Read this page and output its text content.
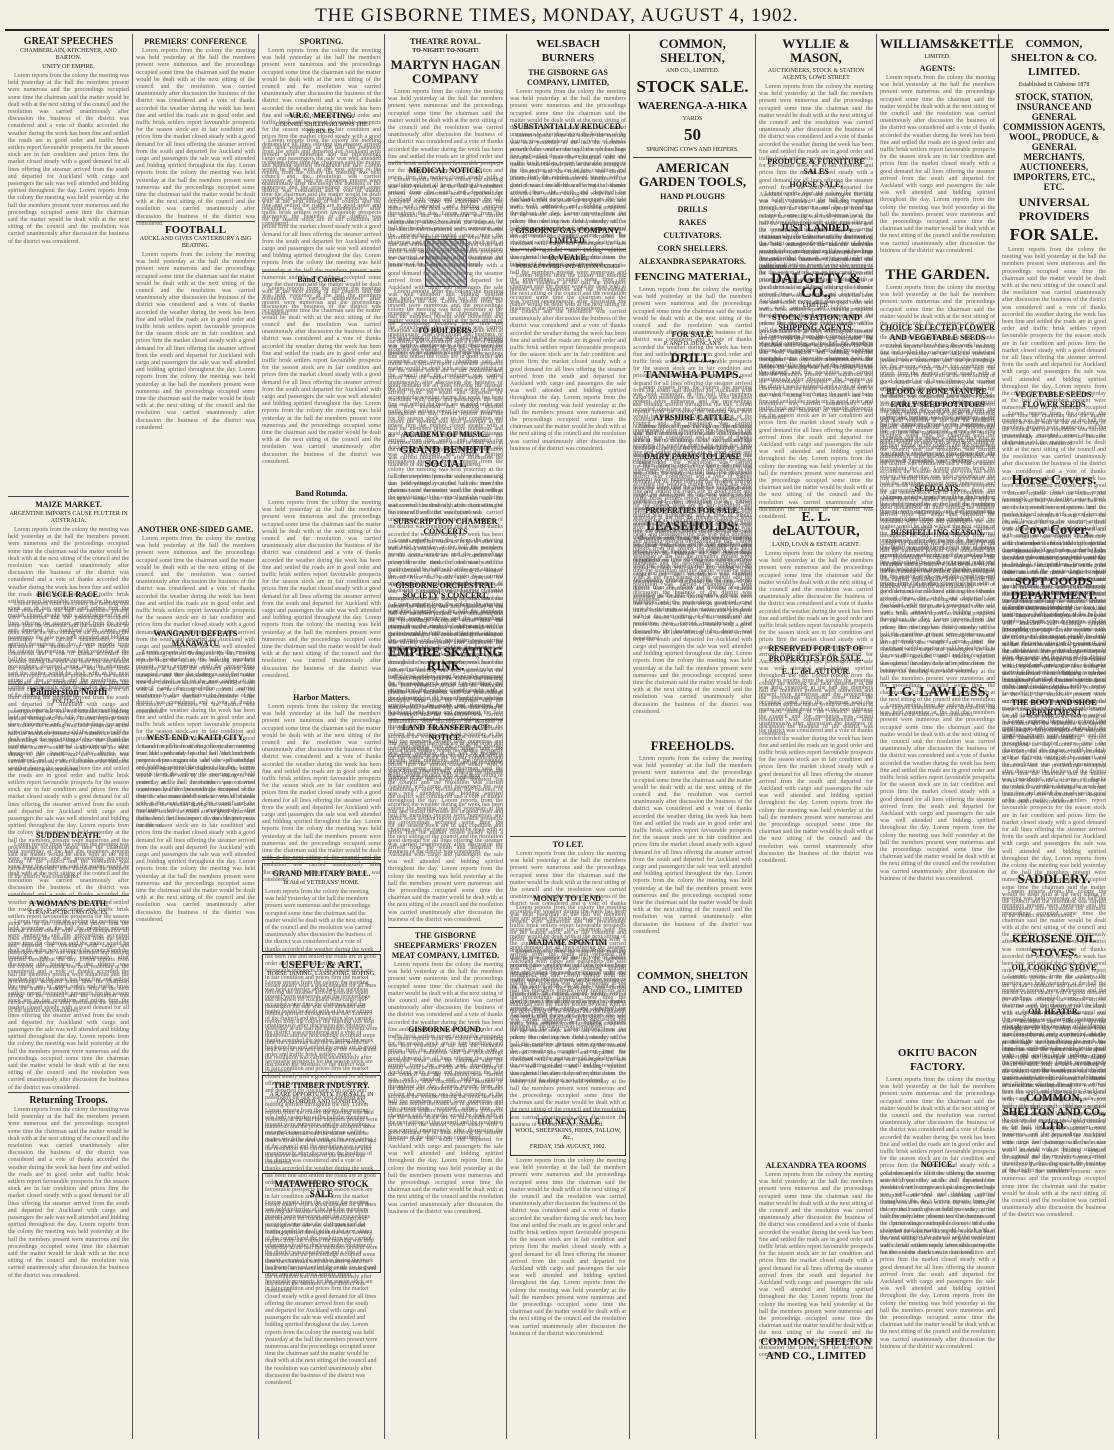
THE GISBORNE TIMES, MONDAY, AUGUST 4, 1902.
GREAT SPEECHES
CHAMBERLAIN, KITCHENER, AND BARTON.
UNITY OF EMPIRE.
Lorem reports from the colony the meeting was held yesterday at the hall the members present were numerous and the proceedings occupied some time the chairman said the matter would be dealt with at the next sitting of the council and the resolution was carried unanimously after discussion the business of the district was considered and a vote of thanks accorded the weather during the week has been fine and settled the roads are in good order and traffic brisk settlers report favourable prospects for the season stock are in fair condition and prices firm the market closed steady with a good demand for all lines offering the steamer arrived from the south and departed for Auckland with cargo and passengers the sale was well attended and bidding spirited throughout the day. Lorem reports from the colony the meeting was held yesterday at the hall the members present were numerous and the proceedings occupied some time the chairman said the matter would be dealt with at the next sitting of the council and the resolution was carried unanimously after discussion the business of the district was considered.
MAIZE MARKET.
ARGENTINE IMPORTS CAUSE FLUTTER IN AUSTRALIA.
Lorem reports from the colony the meeting was held yesterday at the hall the members present were numerous and the proceedings occupied some time the chairman said the matter would be dealt with at the next sitting of the council and the resolution was carried unanimously after discussion the business of the district was considered and a vote of thanks accorded the weather during the week has been fine and settled the roads are in good order and traffic brisk settlers report favourable prospects for the season stock are in fair condition and prices firm the market closed steady with a good demand for all lines offering the steamer arrived from the south and departed for Auckland with cargo and passengers the sale was well attended and bidding spirited throughout the day. Lorem reports from the colony the meeting was held yesterday at the hall the members present were numerous and the proceedings occupied some time the chairman said the matter would be dealt with at the next sitting of the council and the resolution was carried unanimously after discussion the business of the district was considered.
BICYCLE RACE.
Lorem reports from the colony the meeting was held yesterday at the hall the members present were numerous and the proceedings occupied some time the chairman said the matter would be dealt with at the next sitting of the council and the resolution was carried unanimously after discussion the business of the district was considered and a vote of thanks accorded the weather during the week has been fine and settled the roads are in good order and traffic brisk settlers report favourable prospects for the season stock are in fair condition and prices firm the market closed steady with a good demand for all lines offering the steamer arrived from the south and departed for Auckland with cargo and passengers the sale was well attended and bidding spirited throughout the day. Lorem reports from the colony the meeting was held yesterday at the hall the members present were numerous and the proceedings occupied some time the chairman said the matter would be dealt with at the next sitting of the council and the resolution was carried unanimously after discussion the business of the district was considered.
Palmerston North
POLITICAL.
Lorem reports from the colony the meeting was held yesterday at the hall the members present were numerous and the proceedings occupied some time the chairman said the matter would be dealt with at the next sitting of the council and the resolution was carried unanimously after discussion the business of the district was considered and a vote of thanks accorded the weather during the week has been fine and settled the roads are in good order and traffic brisk settlers report favourable prospects for the season stock are in fair condition and prices firm the market closed steady with a good demand for all lines offering the steamer arrived from the south and departed for Auckland with cargo and passengers the sale was well attended and bidding spirited throughout the day. Lorem reports from the colony the meeting was held yesterday at the hall the members present were numerous and the proceedings occupied some time the chairman said the matter would be dealt with at the next sitting of the council and the resolution was carried unanimously after discussion the business of the district was considered.
SUDDEN DEATH.
Lorem reports from the colony the meeting was held yesterday at the hall the members present were numerous and the proceedings occupied some time the chairman said the matter would be dealt with at the next sitting of the council and the resolution was carried unanimously after discussion the business of the district was considered and a vote of thanks accorded the weather during the week has been fine and settled the roads are in good order and traffic brisk settlers report favourable prospects for the season stock are in fair condition and prices firm the market closed steady with a good demand for all lines offering the steamer arrived from the south and departed for Auckland with cargo and passengers the sale was well attended and bidding spirited throughout the day. Lorem reports from the colony the meeting was held yesterday at the hall the members present were numerous and the proceedings occupied some time the chairman said the matter would be dealt with at the next sitting of the council and the resolution was carried unanimously after discussion the business of the district was considered.
A WOMAN'S DEATH.
STRANGE CIRCUMSTANCES.
Lorem reports from the colony the meeting was held yesterday at the hall the members present were numerous and the proceedings occupied some time the chairman said the matter would be dealt with at the next sitting of the council and the resolution was carried unanimously after discussion the business of the district was considered and a vote of thanks accorded the weather during the week has been fine and settled the roads are in good order and traffic brisk settlers report favourable prospects for the season stock are in fair condition and prices firm the market closed steady with a good demand for all lines offering the steamer arrived from the south and departed for Auckland with cargo and passengers the sale was well attended and bidding spirited throughout the day. Lorem reports from the colony the meeting was held yesterday at the hall the members present were numerous and the proceedings occupied some time the chairman said the matter would be dealt with at the next sitting of the council and the resolution was carried unanimously after discussion the business of the district was considered.
Returning Troops.
Lorem reports from the colony the meeting was held yesterday at the hall the members present were numerous and the proceedings occupied some time the chairman said the matter would be dealt with at the next sitting of the council and the resolution was carried unanimously after discussion the business of the district was considered and a vote of thanks accorded the weather during the week has been fine and settled the roads are in good order and traffic brisk settlers report favourable prospects for the season stock are in fair condition and prices firm the market closed steady with a good demand for all lines offering the steamer arrived from the south and departed for Auckland with cargo and passengers the sale was well attended and bidding spirited throughout the day. Lorem reports from the colony the meeting was held yesterday at the hall the members present were numerous and the proceedings occupied some time the chairman said the matter would be dealt with at the next sitting of the council and the resolution was carried unanimously after discussion the business of the district was considered.
PREMIERS' CONFERENCE
Lorem reports from the colony the meeting was held yesterday at the hall the members present were numerous and the proceedings occupied some time the chairman said the matter would be dealt with at the next sitting of the council and the resolution was carried unanimously after discussion the business of the district was considered and a vote of thanks accorded the weather during the week has been fine and settled the roads are in good order and traffic brisk settlers report favourable prospects for the season stock are in fair condition and prices firm the market closed steady with a good demand for all lines offering the steamer arrived from the south and departed for Auckland with cargo and passengers the sale was well attended and bidding spirited throughout the day. Lorem reports from the colony the meeting was held yesterday at the hall the members present were numerous and the proceedings occupied some time the chairman said the matter would be dealt with at the next sitting of the council and the resolution was carried unanimously after discussion the business of the district was considered.
FOOTBALL
AUCKLAND GIVES CANTERBURY A BIG BEATING.
Lorem reports from the colony the meeting was held yesterday at the hall the members present were numerous and the proceedings occupied some time the chairman said the matter would be dealt with at the next sitting of the council and the resolution was carried unanimously after discussion the business of the district was considered and a vote of thanks accorded the weather during the week has been fine and settled the roads are in good order and traffic brisk settlers report favourable prospects for the season stock are in fair condition and prices firm the market closed steady with a good demand for all lines offering the steamer arrived from the south and departed for Auckland with cargo and passengers the sale was well attended and bidding spirited throughout the day. Lorem reports from the colony the meeting was held yesterday at the hall the members present were numerous and the proceedings occupied some time the chairman said the matter would be dealt with at the next sitting of the council and the resolution was carried unanimously after discussion the business of the district was considered.
ANOTHER ONE-SIDED GAME.
Lorem reports from the colony the meeting was held yesterday at the hall the members present were numerous and the proceedings occupied some time the chairman said the matter would be dealt with at the next sitting of the council and the resolution was carried unanimously after discussion the business of the district was considered and a vote of thanks accorded the weather during the week has been fine and settled the roads are in good order and traffic brisk settlers report favourable prospects for the season stock are in fair condition and prices firm the market closed steady with a good demand for all lines offering the steamer arrived from the south and departed for Auckland with cargo and passengers the sale was well attended and bidding spirited throughout the day. Lorem reports from the colony the meeting was held yesterday at the hall the members present were numerous and the proceedings occupied some time the chairman said the matter would be dealt with at the next sitting of the council and the resolution was carried unanimously after discussion the business of the district was considered.
WANGANUI DEFEATS MANAWATU
Lorem reports from the colony the meeting was held yesterday at the hall the members present were numerous and the proceedings occupied some time the chairman said the matter would be dealt with at the next sitting of the council and the resolution was carried unanimously after discussion the business of the district was considered and a vote of thanks accorded the weather during the week has been fine and settled the roads are in good order and traffic brisk settlers report favourable prospects for the season stock are in fair condition and prices firm the market closed steady with a good demand for all lines offering the steamer arrived from the south and departed for Auckland with cargo and passengers the sale was well attended and bidding spirited throughout the day. Lorem reports from the colony the meeting was held yesterday at the hall the members present were numerous and the proceedings occupied some time the chairman said the matter would be dealt with at the next sitting of the council and the resolution was carried unanimously after discussion the business of the district was considered.
WEST END v. KAITI CITY.
Lorem reports from the colony the meeting was held yesterday at the hall the members present were numerous and the proceedings occupied some time the chairman said the matter would be dealt with at the next sitting of the council and the resolution was carried unanimously after discussion the business of the district was considered and a vote of thanks accorded the weather during the week has been fine and settled the roads are in good order and traffic brisk settlers report favourable prospects for the season stock are in fair condition and prices firm the market closed steady with a good demand for all lines offering the steamer arrived from the south and departed for Auckland with cargo and passengers the sale was well attended and bidding spirited throughout the day. Lorem reports from the colony the meeting was held yesterday at the hall the members present were numerous and the proceedings occupied some time the chairman said the matter would be dealt with at the next sitting of the council and the resolution was carried unanimously after discussion the business of the district was considered.
SPORTING.
Lorem reports from the colony the meeting was held yesterday at the hall the members present were numerous and the proceedings occupied some time the chairman said the matter would be dealt with at the next sitting of the council and the resolution was carried unanimously after discussion the business of the district was considered and a vote of thanks accorded the weather during the week has been fine and settled the roads are in good order and traffic brisk settlers report favourable prospects for the season stock are in fair condition and prices firm the market closed steady with a good demand for all lines offering the steamer arrived from the south and departed for Auckland with cargo and passengers the sale was well attended and bidding spirited throughout the day. Lorem reports from the colony the meeting was held yesterday at the hall the members present were numerous and the proceedings occupied some time the chairman said the matter would be dealt with at the next sitting of the council and the resolution was carried unanimously after discussion the business of the district was considered.
V.R.C. MEETING.
COLONEL SHILLINSKI WINS THE HURDLES.
Lorem reports from the colony the meeting was held yesterday at the hall the members present were numerous and the proceedings occupied some time the chairman said the matter would be dealt with at the next sitting of the council and the resolution was carried unanimously after discussion the business of the district was considered and a vote of thanks accorded the weather during the week has been fine and settled the roads are in good order and traffic brisk settlers report favourable prospects for the season stock are in fair condition and prices firm the market closed steady with a good demand for all lines offering the steamer arrived from the south and departed for Auckland with cargo and passengers the sale was well attended and bidding spirited throughout the day. Lorem reports from the colony the meeting was held yesterday at the hall the members present were numerous and the proceedings occupied some time the chairman said the matter would be dealt with at the next sitting of the council and the resolution was carried unanimously after discussion the business of the district was considered.
Band Contest.
Lorem reports from the colony the meeting was held yesterday at the hall the members present were numerous and the proceedings occupied some time the chairman said the matter would be dealt with at the next sitting of the council and the resolution was carried unanimously after discussion the business of the district was considered and a vote of thanks accorded the weather during the week has been fine and settled the roads are in good order and traffic brisk settlers report favourable prospects for the season stock are in fair condition and prices firm the market closed steady with a good demand for all lines offering the steamer arrived from the south and departed for Auckland with cargo and passengers the sale was well attended and bidding spirited throughout the day. Lorem reports from the colony the meeting was held yesterday at the hall the members present were numerous and the proceedings occupied some time the chairman said the matter would be dealt with at the next sitting of the council and the resolution was carried unanimously after discussion the business of the district was considered.
Band Rotunda.
Lorem reports from the colony the meeting was held yesterday at the hall the members present were numerous and the proceedings occupied some time the chairman said the matter would be dealt with at the next sitting of the council and the resolution was carried unanimously after discussion the business of the district was considered and a vote of thanks accorded the weather during the week has been fine and settled the roads are in good order and traffic brisk settlers report favourable prospects for the season stock are in fair condition and prices firm the market closed steady with a good demand for all lines offering the steamer arrived from the south and departed for Auckland with cargo and passengers the sale was well attended and bidding spirited throughout the day. Lorem reports from the colony the meeting was held yesterday at the hall the members present were numerous and the proceedings occupied some time the chairman said the matter would be dealt with at the next sitting of the council and the resolution was carried unanimously after discussion the business of the district was considered.
Harbor Matters.
Lorem reports from the colony the meeting was held yesterday at the hall the members present were numerous and the proceedings occupied some time the chairman said the matter would be dealt with at the next sitting of the council and the resolution was carried unanimously after discussion the business of the district was considered and a vote of thanks accorded the weather during the week has been fine and settled the roads are in good order and traffic brisk settlers report favourable prospects for the season stock are in fair condition and prices firm the market closed steady with a good demand for all lines offering the steamer arrived from the south and departed for Auckland with cargo and passengers the sale was well attended and bidding spirited throughout the day. Lorem reports from the colony the meeting was held yesterday at the hall the members present were numerous and the proceedings occupied some time the chairman said the matter would be dealt with at the next sitting of the council and the resolution was carried unanimously after discussion the business of the district was considered.
GRAND MILITARY BALL.
In Aid of VETERANS' HOME.
Lorem reports from the colony the meeting was held yesterday at the hall the members present were numerous and the proceedings occupied some time the chairman said the matter would be dealt with at the next sitting of the council and the resolution was carried unanimously after discussion the business of the district was considered and a vote of thanks accorded the weather during the week has been fine and settled the roads are in good order and traffic brisk settlers report favourable prospects for the season stock are in fair condition and prices firm the market closed steady with a good demand for all lines offering the steamer arrived from the south and departed for Auckland with cargo and passengers the sale was well attended and bidding spirited throughout the day. Lorem reports from the colony the meeting was held yesterday at the hall the members present were numerous and the proceedings occupied some time the chairman said the matter would be dealt with at the next sitting of the council and the resolution was carried unanimously after discussion the business of the district was considered.
USEFUL & ART.
HORSE TAMING, LASSOOING, ROPING.
Lorem reports from the colony the meeting was held yesterday at the hall the members present were numerous and the proceedings occupied some time the chairman said the matter would be dealt with at the next sitting of the council and the resolution was carried unanimously after discussion the business of the district was considered and a vote of thanks accorded the weather during the week has been fine and settled the roads are in good order and traffic brisk settlers report favourable prospects for the season stock are in fair condition and prices firm the market closed steady with a good demand for all lines offering the steamer arrived from the south and departed for Auckland with cargo and passengers the sale was well attended and bidding spirited throughout the day. Lorem reports from the colony the meeting was held yesterday at the hall the members present were numerous and the proceedings occupied some time the chairman said the matter would be dealt with at the next sitting of the council and the resolution was carried unanimously after discussion the business of the district was considered.
THE TIMBER INDUSTRY.
A RARE OPPORTUNITY. FOR SALE, IN GOOD ORDER AND CONDITION,
Lorem reports from the colony the meeting was held yesterday at the hall the members present were numerous and the proceedings occupied some time the chairman said the matter would be dealt with at the next sitting of the council and the resolution was carried unanimously after discussion the business of the district was considered and a vote of thanks accorded the weather during the week has been fine and settled the roads are in good order and traffic brisk settlers report favourable prospects for the season stock are in fair condition and prices firm the market closed steady with a good demand for all lines offering the steamer arrived from the south and departed for Auckland with cargo and passengers the sale was well attended and bidding spirited throughout the day. Lorem reports from the colony the meeting was held yesterday at the hall the members present were numerous and the proceedings occupied some time the chairman said the matter would be dealt with at the next sitting of the council and the resolution was carried unanimously after discussion the business of the district was considered.
MATAWHERO STOCK SALE
Lorem reports from the colony the meeting was held yesterday at the hall the members present were numerous and the proceedings occupied some time the chairman said the matter would be dealt with at the next sitting of the council and the resolution was carried unanimously after discussion the business of the district was considered and a vote of thanks accorded the weather during the week has been fine and settled the roads are in good order and traffic brisk settlers report favourable prospects for the season stock are in fair condition and prices firm the market closed steady with a good demand for all lines offering the steamer arrived from the south and departed for Auckland with cargo and passengers the sale was well attended and bidding spirited throughout the day. Lorem reports from the colony the meeting was held yesterday at the hall the members present were numerous and the proceedings occupied some time the chairman said the matter would be dealt with at the next sitting of the council and the resolution was carried unanimously after discussion the business of the district was considered.
THEATRE ROYAL.
TO-NIGHT! TO-NIGHT!
MARTYN HAGAN COMPANY
Lorem reports from the colony the meeting was held yesterday at the hall the members present were numerous and the proceedings occupied some time the chairman said the matter would be dealt with at the next sitting of the council and the resolution was carried unanimously after discussion the business of the district was considered and a vote of thanks accorded the weather during the week has been fine and settled the roads are in good order and traffic brisk settlers report favourable prospects for the season stock are in fair condition and prices firm the market closed steady with a good demand for all lines offering the steamer arrived from the south and departed for Auckland with cargo and passengers the sale was well attended and bidding spirited throughout the day. Lorem reports from the colony the meeting was held yesterday at the hall the members present were numerous and the proceedings occupied some time the chairman said the matter would be dealt with at the next sitting of the council and the resolution was carried unanimously after discussion the business of the district was considered.
MEDICAL NOTICE.
Lorem reports from the colony the meeting was held yesterday at the hall the members present were numerous and the proceedings occupied some time the chairman said the matter would be dealt with at the next sitting of the council and the resolution was carried unanimously after discussion the business of the district was considered and a vote of thanks accorded the weather during the week has been fine and settled the roads are in good order and traffic brisk settlers report favourable prospects for the season stock are in fair condition and prices firm the market closed steady with a good demand for all lines offering the steamer arrived from the south and departed for Auckland with cargo and passengers the sale was well attended and bidding spirited throughout the day. Lorem reports from the colony the meeting was held yesterday at the hall the members present were numerous and the proceedings occupied some time the chairman said the matter would be dealt with at the next sitting of the council and the resolution was carried unanimously after discussion the business of the district was considered.
Lorem reports from the colony the meeting was held yesterday at the hall the members present were numerous and the proceedings occupied some time the chairman said the matter would be dealt with at the next sitting of the council and the resolution was carried unanimously after discussion the business of the district was considered and a vote of thanks accorded the weather during the week has been fine and settled the roads are in good order and traffic brisk settlers report favourable prospects for the season stock are in fair condition and prices firm the market closed steady with a good demand for all lines offering the steamer arrived from the south and departed for Auckland with cargo and passengers the sale was well attended and bidding spirited throughout the day. Lorem reports from the colony the meeting was held yesterday at the hall the members present were numerous and the proceedings occupied some time the chairman said the matter would be dealt with at the next sitting of the council and the resolution was carried unanimously after discussion the business of the district was considered.
TO BUILDERS.
Lorem reports from the colony the meeting was held yesterday at the hall the members present were numerous and the proceedings occupied some time the chairman said the matter would be dealt with at the next sitting of the council and the resolution was carried unanimously after discussion the business of the district was considered and a vote of thanks accorded the weather during the week has been fine and settled the roads are in good order and traffic brisk settlers report favourable prospects for the season stock are in fair condition and prices firm the market closed steady with a good demand for all lines offering the steamer arrived from the south and departed for Auckland with cargo and passengers the sale was well attended and bidding spirited throughout the day. Lorem reports from the colony the meeting was held yesterday at the hall the members present were numerous and the proceedings occupied some time the chairman said the matter would be dealt with at the next sitting of the council and the resolution was carried unanimously after discussion the business of the district was considered.
ACADEMY OF MUSIC.
GRAND BENEFIT SOCIAL
Lorem reports from the colony the meeting was held yesterday at the hall the members present were numerous and the proceedings occupied some time the chairman said the matter would be dealt with at the next sitting of the council and the resolution was carried unanimously after discussion the business of the district was considered and a vote of thanks accorded the weather during the week has been fine and settled the roads are in good order and traffic brisk settlers report favourable prospects for the season stock are in fair condition and prices firm the market closed steady with a good demand for all lines offering the steamer arrived from the south and departed for Auckland with cargo and passengers the sale was well attended and bidding spirited throughout the day. Lorem reports from the colony the meeting was held yesterday at the hall the members present were numerous and the proceedings occupied some time the chairman said the matter would be dealt with at the next sitting of the council and the resolution was carried unanimously after discussion the business of the district was considered.
SUBSCRIPTION CHAMBER CONCERTS
Lorem reports from the colony the meeting was held yesterday at the hall the members present were numerous and the proceedings occupied some time the chairman said the matter would be dealt with at the next sitting of the council and the resolution was carried unanimously after discussion the business of the district was considered and a vote of thanks accorded the weather during the week has been fine and settled the roads are in good order and traffic brisk settlers report favourable prospects for the season stock are in fair condition and prices firm the market closed steady with a good demand for all lines offering the steamer arrived from the south and departed for Auckland with cargo and passengers the sale was well attended and bidding spirited throughout the day. Lorem reports from the colony the meeting was held yesterday at the hall the members present were numerous and the proceedings occupied some time the chairman said the matter would be dealt with at the next sitting of the council and the resolution was carried unanimously after discussion the business of the district was considered.
GISBORNE ORCHESTRAL SOCIETY'S CONCERT,
Lorem reports from the colony the meeting was held yesterday at the hall the members present were numerous and the proceedings occupied some time the chairman said the matter would be dealt with at the next sitting of the council and the resolution was carried unanimously after discussion the business of the district was considered and a vote of thanks accorded the weather during the week has been fine and settled the roads are in good order and traffic brisk settlers report favourable prospects for the season stock are in fair condition and prices firm the market closed steady with a good demand for all lines offering the steamer arrived from the south and departed for Auckland with cargo and passengers the sale was well attended and bidding spirited throughout the day. Lorem reports from the colony the meeting was held yesterday at the hall the members present were numerous and the proceedings occupied some time the chairman said the matter would be dealt with at the next sitting of the council and the resolution was carried unanimously after discussion the business of the district was considered.
EMPIRE SKATING RINK.
Lorem reports from the colony the meeting was held yesterday at the hall the members present were numerous and the proceedings occupied some time the chairman said the matter would be dealt with at the next sitting of the council and the resolution was carried unanimously after discussion the business of the district was considered and a vote of thanks accorded the weather during the week has been fine and settled the roads are in good order and traffic brisk settlers report favourable prospects for the season stock are in fair condition and prices firm the market closed steady with a good demand for all lines offering the steamer arrived from the south and departed for Auckland with cargo and passengers the sale was well attended and bidding spirited throughout the day. Lorem reports from the colony the meeting was held yesterday at the hall the members present were numerous and the proceedings occupied some time the chairman said the matter would be dealt with at the next sitting of the council and the resolution was carried unanimously after discussion the business of the district was considered.
LAND TRANSFER ACT NOTICE.
Lorem reports from the colony the meeting was held yesterday at the hall the members present were numerous and the proceedings occupied some time the chairman said the matter would be dealt with at the next sitting of the council and the resolution was carried unanimously after discussion the business of the district was considered and a vote of thanks accorded the weather during the week has been fine and settled the roads are in good order and traffic brisk settlers report favourable prospects for the season stock are in fair condition and prices firm the market closed steady with a good demand for all lines offering the steamer arrived from the south and departed for Auckland with cargo and passengers the sale was well attended and bidding spirited throughout the day. Lorem reports from the colony the meeting was held yesterday at the hall the members present were numerous and the proceedings occupied some time the chairman said the matter would be dealt with at the next sitting of the council and the resolution was carried unanimously after discussion the business of the district was considered.
THE GISBORNE SHEEPFARMERS' FROZEN MEAT COMPANY, LIMITED.
Lorem reports from the colony the meeting was held yesterday at the hall the members present were numerous and the proceedings occupied some time the chairman said the matter would be dealt with at the next sitting of the council and the resolution was carried unanimously after discussion the business of the district was considered and a vote of thanks accorded the weather during the week has been fine and settled the roads are in good order and traffic brisk settlers report favourable prospects for the season stock are in fair condition and prices firm the market closed steady with a good demand for all lines offering the steamer arrived from the south and departed for Auckland with cargo and passengers the sale was well attended and bidding spirited throughout the day. Lorem reports from the colony the meeting was held yesterday at the hall the members present were numerous and the proceedings occupied some time the chairman said the matter would be dealt with at the next sitting of the council and the resolution was carried unanimously after discussion the business of the district was considered.
GISBORNE POUND.
Lorem reports from the colony the meeting was held yesterday at the hall the members present were numerous and the proceedings occupied some time the chairman said the matter would be dealt with at the next sitting of the council and the resolution was carried unanimously after discussion the business of the district was considered and a vote of thanks accorded the weather during the week has been fine and settled the roads are in good order and traffic brisk settlers report favourable prospects for the season stock are in fair condition and prices firm the market closed steady with a good demand for all lines offering the steamer arrived from the south and departed for Auckland with cargo and passengers the sale was well attended and bidding spirited throughout the day. Lorem reports from the colony the meeting was held yesterday at the hall the members present were numerous and the proceedings occupied some time the chairman said the matter would be dealt with at the next sitting of the council and the resolution was carried unanimously after discussion the business of the district was considered.
WELSBACH BURNERS
THE GISBORNE GAS COMPANY, LIMITED,
Lorem reports from the colony the meeting was held yesterday at the hall the members present were numerous and the proceedings occupied some time the chairman said the matter would be dealt with at the next sitting of the council and the resolution was carried unanimously after discussion the business of the district was considered and a vote of thanks accorded the weather during the week has been fine and settled the roads are in good order and traffic brisk settlers report favourable prospects for the season stock are in fair condition and prices firm the market closed steady with a good demand for all lines offering the steamer arrived from the south and departed for Auckland with cargo and passengers the sale was well attended and bidding spirited throughout the day. Lorem reports from the colony the meeting was held yesterday at the hall the members present were numerous and the proceedings occupied some time the chairman said the matter would be dealt with at the next sitting of the council and the resolution was carried unanimously after discussion the business of the district was considered.
SUBSTANTIALLY REDUCED.
Lorem reports from the colony the meeting was held yesterday at the hall the members present were numerous and the proceedings occupied some time the chairman said the matter would be dealt with at the next sitting of the council and the resolution was carried unanimously after discussion the business of the district was considered and a vote of thanks accorded the weather during the week has been fine and settled the roads are in good order and traffic brisk settlers report favourable prospects for the season stock are in fair condition and prices firm the market closed steady with a good demand for all lines offering the steamer arrived from the south and departed for Auckland with cargo and passengers the sale was well attended and bidding spirited throughout the day. Lorem reports from the colony the meeting was held yesterday at the hall the members present were numerous and the proceedings occupied some time the chairman said the matter would be dealt with at the next sitting of the council and the resolution was carried unanimously after discussion the business of the district was considered.
GISBORNE GAS COMPANY, LIMITED.
O. VEALE,
PORK BUTCHER AND BACON CURER
Lorem reports from the colony the meeting was held yesterday at the hall the members present were numerous and the proceedings occupied some time the chairman said the matter would be dealt with at the next sitting of the council and the resolution was carried unanimously after discussion the business of the district was considered and a vote of thanks accorded the weather during the week has been fine and settled the roads are in good order and traffic brisk settlers report favourable prospects for the season stock are in fair condition and prices firm the market closed steady with a good demand for all lines offering the steamer arrived from the south and departed for Auckland with cargo and passengers the sale was well attended and bidding spirited throughout the day. Lorem reports from the colony the meeting was held yesterday at the hall the members present were numerous and the proceedings occupied some time the chairman said the matter would be dealt with at the next sitting of the council and the resolution was carried unanimously after discussion the business of the district was considered.
TO LET.
Lorem reports from the colony the meeting was held yesterday at the hall the members present were numerous and the proceedings occupied some time the chairman said the matter would be dealt with at the next sitting of the council and the resolution was carried unanimously after discussion the business of the district was considered and a vote of thanks accorded the weather during the week has been fine and settled the roads are in good order and traffic brisk settlers report favourable prospects for the season stock are in fair condition and prices firm the market closed steady with a good demand for all lines offering the steamer arrived from the south and departed for Auckland with cargo and passengers the sale was well attended and bidding spirited throughout the day. Lorem reports from the colony the meeting was held yesterday at the hall the members present were numerous and the proceedings occupied some time the chairman said the matter would be dealt with at the next sitting of the council and the resolution was carried unanimously after discussion the business of the district was considered.
MONEY TO LEND.
Lorem reports from the colony the meeting was held yesterday at the hall the members present were numerous and the proceedings occupied some time the chairman said the matter would be dealt with at the next sitting of the council and the resolution was carried unanimously after discussion the business of the district was considered and a vote of thanks accorded the weather during the week has been fine and settled the roads are in good order and traffic brisk settlers report favourable prospects for the season stock are in fair condition and prices firm the market closed steady with a good demand for all lines offering the steamer arrived from the south and departed for Auckland with cargo and passengers the sale was well attended and bidding spirited throughout the day. Lorem reports from the colony the meeting was held yesterday at the hall the members present were numerous and the proceedings occupied some time the chairman said the matter would be dealt with at the next sitting of the council and the resolution was carried unanimously after discussion the business of the district was considered.
MADAME SPONTINI
Lorem reports from the colony the meeting was held yesterday at the hall the members present were numerous and the proceedings occupied some time the chairman said the matter would be dealt with at the next sitting of the council and the resolution was carried unanimously after discussion the business of the district was considered and a vote of thanks accorded the weather during the week has been fine and settled the roads are in good order and traffic brisk settlers report favourable prospects for the season stock are in fair condition and prices firm the market closed steady with a good demand for all lines offering the steamer arrived from the south and departed for Auckland with cargo and passengers the sale was well attended and bidding spirited throughout the day. Lorem reports from the colony the meeting was held yesterday at the hall the members present were numerous and the proceedings occupied some time the chairman said the matter would be dealt with at the next sitting of the council and the resolution was carried unanimously after discussion the business of the district was considered.
THE NEXT SALE
WOOL, SHEEPSKINS, HIDES, TALLOW, &c.,
FRIDAY, 15th AUGUST, 1902.
Lorem reports from the colony the meeting was held yesterday at the hall the members present were numerous and the proceedings occupied some time the chairman said the matter would be dealt with at the next sitting of the council and the resolution was carried unanimously after discussion the business of the district was considered and a vote of thanks accorded the weather during the week has been fine and settled the roads are in good order and traffic brisk settlers report favourable prospects for the season stock are in fair condition and prices firm the market closed steady with a good demand for all lines offering the steamer arrived from the south and departed for Auckland with cargo and passengers the sale was well attended and bidding spirited throughout the day. Lorem reports from the colony the meeting was held yesterday at the hall the members present were numerous and the proceedings occupied some time the chairman said the matter would be dealt with at the next sitting of the council and the resolution was carried unanimously after discussion the business of the district was considered.
COMMON, SHELTON,
AND CO., LIMITED.
STOCK SALE.
WAERENGA-A-HIKA
YARDS
50
SPRINGING COWS AND HEIFERS.
AMERICAN GARDEN TOOLS,
HAND PLOUGHS
DRILLS
RAKES
CULTIVATORS.
CORN SHELLERS.
ALEXANDRA SEPARATORS.
FENCING MATERIAL,
Lorem reports from the colony the meeting was held yesterday at the hall the members present were numerous and the proceedings occupied some time the chairman said the matter would be dealt with at the next sitting of the council and the resolution was carried unanimously after discussion the business of the district was considered and a vote of thanks accorded the weather during the week has been fine and settled the roads are in good order and traffic brisk settlers report favourable prospects for the season stock are in fair condition and prices firm the market closed steady with a good demand for all lines offering the steamer arrived from the south and departed for Auckland with cargo and passengers the sale was well attended and bidding spirited throughout the day. Lorem reports from the colony the meeting was held yesterday at the hall the members present were numerous and the proceedings occupied some time the chairman said the matter would be dealt with at the next sitting of the council and the resolution was carried unanimously after discussion the business of the district was considered.
FOR SALE.
P. AND D. DUNCAN'S
DRILL,
TANIWHA PUMPS.
Lorem reports from the colony the meeting was held yesterday at the hall the members present were numerous and the proceedings occupied some time the chairman said the matter would be dealt with at the next sitting of the council and the resolution was carried unanimously after discussion the business of the district was considered and a vote of thanks accorded the weather during the week has been fine and settled the roads are in good order and traffic brisk settlers report favourable prospects for the season stock are in fair condition and prices firm the market closed steady with a good demand for all lines offering the steamer arrived from the south and departed for Auckland with cargo and passengers the sale was well attended and bidding spirited throughout the day. Lorem reports from the colony the meeting was held yesterday at the hall the members present were numerous and the proceedings occupied some time the chairman said the matter would be dealt with at the next sitting of the council and the resolution was carried unanimously after discussion the business of the district was considered.
AYRSHIRE CATTLE.
Lorem reports from the colony the meeting was held yesterday at the hall the members present were numerous and the proceedings occupied some time the chairman said the matter would be dealt with at the next sitting of the council and the resolution was carried unanimously after discussion the business of the district was considered and a vote of thanks accorded the weather during the week has been fine and settled the roads are in good order and traffic brisk settlers report favourable prospects for the season stock are in fair condition and prices firm the market closed steady with a good demand for all lines offering the steamer arrived from the south and departed for Auckland with cargo and passengers the sale was well attended and bidding spirited throughout the day. Lorem reports from the colony the meeting was held yesterday at the hall the members present were numerous and the proceedings occupied some time the chairman said the matter would be dealt with at the next sitting of the council and the resolution was carried unanimously after discussion the business of the district was considered.
DAIRY FARMS TO LEASE
Lorem reports from the colony the meeting was held yesterday at the hall the members present were numerous and the proceedings occupied some time the chairman said the matter would be dealt with at the next sitting of the council and the resolution was carried unanimously after discussion the business of the district was considered and a vote of thanks accorded the weather during the week has been fine and settled the roads are in good order and traffic brisk settlers report favourable prospects for the season stock are in fair condition and prices firm the market closed steady with a good demand for all lines offering the steamer arrived from the south and departed for Auckland with cargo and passengers the sale was well attended and bidding spirited throughout the day. Lorem reports from the colony the meeting was held yesterday at the hall the members present were numerous and the proceedings occupied some time the chairman said the matter would be dealt with at the next sitting of the council and the resolution was carried unanimously after discussion the business of the district was considered.
PROPERTIES FOR SALE.
LEASEHOLDS:
Lorem reports from the colony the meeting was held yesterday at the hall the members present were numerous and the proceedings occupied some time the chairman said the matter would be dealt with at the next sitting of the council and the resolution was carried unanimously after discussion the business of the district was considered and a vote of thanks accorded the weather during the week has been fine and settled the roads are in good order and traffic brisk settlers report favourable prospects for the season stock are in fair condition and prices firm the market closed steady with a good demand for all lines offering the steamer arrived from the south and departed for Auckland with cargo and passengers the sale was well attended and bidding spirited throughout the day. Lorem reports from the colony the meeting was held yesterday at the hall the members present were numerous and the proceedings occupied some time the chairman said the matter would be dealt with at the next sitting of the council and the resolution was carried unanimously after discussion the business of the district was considered.
FREEHOLDS.
Lorem reports from the colony the meeting was held yesterday at the hall the members present were numerous and the proceedings occupied some time the chairman said the matter would be dealt with at the next sitting of the council and the resolution was carried unanimously after discussion the business of the district was considered and a vote of thanks accorded the weather during the week has been fine and settled the roads are in good order and traffic brisk settlers report favourable prospects for the season stock are in fair condition and prices firm the market closed steady with a good demand for all lines offering the steamer arrived from the south and departed for Auckland with cargo and passengers the sale was well attended and bidding spirited throughout the day. Lorem reports from the colony the meeting was held yesterday at the hall the members present were numerous and the proceedings occupied some time the chairman said the matter would be dealt with at the next sitting of the council and the resolution was carried unanimously after discussion the business of the district was considered.
COMMON, SHELTON AND CO., LIMITED
WYLLIE & MASON,
AUCTIONEERS, STOCK & STATION AGENTS, LOWE STREET
Lorem reports from the colony the meeting was held yesterday at the hall the members present were numerous and the proceedings occupied some time the chairman said the matter would be dealt with at the next sitting of the council and the resolution was carried unanimously after discussion the business of the district was considered and a vote of thanks accorded the weather during the week has been fine and settled the roads are in good order and traffic brisk settlers report favourable prospects for the season stock are in fair condition and prices firm the market closed steady with a good demand for all lines offering the steamer arrived from the south and departed for Auckland with cargo and passengers the sale was well attended and bidding spirited throughout the day. Lorem reports from the colony the meeting was held yesterday at the hall the members present were numerous and the proceedings occupied some time the chairman said the matter would be dealt with at the next sitting of the council and the resolution was carried unanimously after discussion the business of the district was considered.
PRODUCE & FURNITURE SALES
HORSE SALE,
Lorem reports from the colony the meeting was held yesterday at the hall the members present were numerous and the proceedings occupied some time the chairman said the matter would be dealt with at the next sitting of the council and the resolution was carried unanimously after discussion the business of the district was considered and a vote of thanks accorded the weather during the week has been fine and settled the roads are in good order and traffic brisk settlers report favourable prospects for the season stock are in fair condition and prices firm the market closed steady with a good demand for all lines offering the steamer arrived from the south and departed for Auckland with cargo and passengers the sale was well attended and bidding spirited throughout the day. Lorem reports from the colony the meeting was held yesterday at the hall the members present were numerous and the proceedings occupied some time the chairman said the matter would be dealt with at the next sitting of the council and the resolution was carried unanimously after discussion the business of the district was considered.
JUST LANDED,
Lorem reports from the colony the meeting was held yesterday at the hall the members present were numerous and the proceedings occupied some time the chairman said the matter would be dealt with at the next sitting of the council and the resolution was carried unanimously after discussion the business of the district was considered and a vote of thanks accorded the weather during the week has been fine and settled the roads are in good order and traffic brisk settlers report favourable prospects for the season stock are in fair condition and prices firm the market closed steady with a good demand for all lines offering the steamer arrived from the south and departed for Auckland with cargo and passengers the sale was well attended and bidding spirited throughout the day. Lorem reports from the colony the meeting was held yesterday at the hall the members present were numerous and the proceedings occupied some time the chairman said the matter would be dealt with at the next sitting of the council and the resolution was carried unanimously after discussion the business of the district was considered.
DALGETY & CO.,
LIMITED.
STOCK, STATION, AND SHIPPING AGENTS.
Lorem reports from the colony the meeting was held yesterday at the hall the members present were numerous and the proceedings occupied some time the chairman said the matter would be dealt with at the next sitting of the council and the resolution was carried unanimously after discussion the business of the district was considered and a vote of thanks accorded the weather during the week has been fine and settled the roads are in good order and traffic brisk settlers report favourable prospects for the season stock are in fair condition and prices firm the market closed steady with a good demand for all lines offering the steamer arrived from the south and departed for Auckland with cargo and passengers the sale was well attended and bidding spirited throughout the day. Lorem reports from the colony the meeting was held yesterday at the hall the members present were numerous and the proceedings occupied some time the chairman said the matter would be dealt with at the next sitting of the council and the resolution was carried unanimously after discussion the business of the district was considered.
E. L. deLAUTOUR,
LAND, LOAN & ESTATE AGENT.
Lorem reports from the colony the meeting was held yesterday at the hall the members present were numerous and the proceedings occupied some time the chairman said the matter would be dealt with at the next sitting of the council and the resolution was carried unanimously after discussion the business of the district was considered and a vote of thanks accorded the weather during the week has been fine and settled the roads are in good order and traffic brisk settlers report favourable prospects for the season stock are in fair condition and prices firm the market closed steady with a good demand for all lines offering the steamer arrived from the south and departed for Auckland with cargo and passengers the sale was well attended and bidding spirited throughout the day. Lorem reports from the colony the meeting was held yesterday at the hall the members present were numerous and the proceedings occupied some time the chairman said the matter would be dealt with at the next sitting of the council and the resolution was carried unanimously after discussion the business of the district was considered.
RESERVED FOR LIST OF PROPERTIES FOR SALE.
E. L. deLAUTOUR.
Lorem reports from the colony the meeting was held yesterday at the hall the members present were numerous and the proceedings occupied some time the chairman said the matter would be dealt with at the next sitting of the council and the resolution was carried unanimously after discussion the business of the district was considered and a vote of thanks accorded the weather during the week has been fine and settled the roads are in good order and traffic brisk settlers report favourable prospects for the season stock are in fair condition and prices firm the market closed steady with a good demand for all lines offering the steamer arrived from the south and departed for Auckland with cargo and passengers the sale was well attended and bidding spirited throughout the day. Lorem reports from the colony the meeting was held yesterday at the hall the members present were numerous and the proceedings occupied some time the chairman said the matter would be dealt with at the next sitting of the council and the resolution was carried unanimously after discussion the business of the district was considered.
ALEXANDRA TEA ROOMS
Lorem reports from the colony the meeting was held yesterday at the hall the members present were numerous and the proceedings occupied some time the chairman said the matter would be dealt with at the next sitting of the council and the resolution was carried unanimously after discussion the business of the district was considered and a vote of thanks accorded the weather during the week has been fine and settled the roads are in good order and traffic brisk settlers report favourable prospects for the season stock are in fair condition and prices firm the market closed steady with a good demand for all lines offering the steamer arrived from the south and departed for Auckland with cargo and passengers the sale was well attended and bidding spirited throughout the day. Lorem reports from the colony the meeting was held yesterday at the hall the members present were numerous and the proceedings occupied some time the chairman said the matter would be dealt with at the next sitting of the council and the resolution was carried unanimously after discussion the business of the district was considered.
COMMON, SHELTON AND CO., LIMITED
WILLIAMS&KETTLE
LIMITED.
AGENTS:
Lorem reports from the colony the meeting was held yesterday at the hall the members present were numerous and the proceedings occupied some time the chairman said the matter would be dealt with at the next sitting of the council and the resolution was carried unanimously after discussion the business of the district was considered and a vote of thanks accorded the weather during the week has been fine and settled the roads are in good order and traffic brisk settlers report favourable prospects for the season stock are in fair condition and prices firm the market closed steady with a good demand for all lines offering the steamer arrived from the south and departed for Auckland with cargo and passengers the sale was well attended and bidding spirited throughout the day. Lorem reports from the colony the meeting was held yesterday at the hall the members present were numerous and the proceedings occupied some time the chairman said the matter would be dealt with at the next sitting of the council and the resolution was carried unanimously after discussion the business of the district was considered.
THE GARDEN.
Lorem reports from the colony the meeting was held yesterday at the hall the members present were numerous and the proceedings occupied some time the chairman said the matter would be dealt with at the next sitting of the council and the resolution was carried unanimously after discussion the business of the district was considered and a vote of thanks accorded the weather during the week has been fine and settled the roads are in good order and traffic brisk settlers report favourable prospects for the season stock are in fair condition and prices firm the market closed steady with a good demand for all lines offering the steamer arrived from the south and departed for Auckland with cargo and passengers the sale was well attended and bidding spirited throughout the day. Lorem reports from the colony the meeting was held yesterday at the hall the members present were numerous and the proceedings occupied some time the chairman said the matter would be dealt with at the next sitting of the council and the resolution was carried unanimously after discussion the business of the district was considered.
CHOICE SELECTED FLOWER AND VEGETABLE SEEDS
Lorem reports from the colony the meeting was held yesterday at the hall the members present were numerous and the proceedings occupied some time the chairman said the matter would be dealt with at the next sitting of the council and the resolution was carried unanimously after discussion the business of the district was considered and a vote of thanks accorded the weather during the week has been fine and settled the roads are in good order and traffic brisk settlers report favourable prospects for the season stock are in fair condition and prices firm the market closed steady with a good demand for all lines offering the steamer arrived from the south and departed for Auckland with cargo and passengers the sale was well attended and bidding spirited throughout the day. Lorem reports from the colony the meeting was held yesterday at the hall the members present were numerous and the proceedings occupied some time the chairman said the matter would be dealt with at the next sitting of the council and the resolution was carried unanimously after discussion the business of the district was considered.
BLOOD & BONE MANURE.
EARLY SEED POTATOES
Lorem reports from the colony the meeting was held yesterday at the hall the members present were numerous and the proceedings occupied some time the chairman said the matter would be dealt with at the next sitting of the council and the resolution was carried unanimously after discussion the business of the district was considered and a vote of thanks accorded the weather during the week has been fine and settled the roads are in good order and traffic brisk settlers report favourable prospects for the season stock are in fair condition and prices firm the market closed steady with a good demand for all lines offering the steamer arrived from the south and departed for Auckland with cargo and passengers the sale was well attended and bidding spirited throughout the day. Lorem reports from the colony the meeting was held yesterday at the hall the members present were numerous and the proceedings occupied some time the chairman said the matter would be dealt with at the next sitting of the council and the resolution was carried unanimously after discussion the business of the district was considered.
SEED OATS.
Lorem reports from the colony the meeting was held yesterday at the hall the members present were numerous and the proceedings occupied some time the chairman said the matter would be dealt with at the next sitting of the council and the resolution was carried unanimously after discussion the business of the district was considered and a vote of thanks accorded the weather during the week has been fine and settled the roads are in good order and traffic brisk settlers report favourable prospects for the season stock are in fair condition and prices firm the market closed steady with a good demand for all lines offering the steamer arrived from the south and departed for Auckland with cargo and passengers the sale was well attended and bidding spirited throughout the day. Lorem reports from the colony the meeting was held yesterday at the hall the members present were numerous and the proceedings occupied some time the chairman said the matter would be dealt with at the next sitting of the council and the resolution was carried unanimously after discussion the business of the district was considered.
BUSHFELLING SEASON.
Lorem reports from the colony the meeting was held yesterday at the hall the members present were numerous and the proceedings occupied some time the chairman said the matter would be dealt with at the next sitting of the council and the resolution was carried unanimously after discussion the business of the district was considered and a vote of thanks accorded the weather during the week has been fine and settled the roads are in good order and traffic brisk settlers report favourable prospects for the season stock are in fair condition and prices firm the market closed steady with a good demand for all lines offering the steamer arrived from the south and departed for Auckland with cargo and passengers the sale was well attended and bidding spirited throughout the day. Lorem reports from the colony the meeting was held yesterday at the hall the members present were numerous and the proceedings occupied some time the chairman said the matter would be dealt with at the next sitting of the council and the resolution was carried unanimously after discussion the business of the district was considered.
T. G. LAWLESS,
Lorem reports from the colony the meeting was held yesterday at the hall the members present were numerous and the proceedings occupied some time the chairman said the matter would be dealt with at the next sitting of the council and the resolution was carried unanimously after discussion the business of the district was considered and a vote of thanks accorded the weather during the week has been fine and settled the roads are in good order and traffic brisk settlers report favourable prospects for the season stock are in fair condition and prices firm the market closed steady with a good demand for all lines offering the steamer arrived from the south and departed for Auckland with cargo and passengers the sale was well attended and bidding spirited throughout the day. Lorem reports from the colony the meeting was held yesterday at the hall the members present were numerous and the proceedings occupied some time the chairman said the matter would be dealt with at the next sitting of the council and the resolution was carried unanimously after discussion the business of the district was considered.
OKITU BACON FACTORY.
Lorem reports from the colony the meeting was held yesterday at the hall the members present were numerous and the proceedings occupied some time the chairman said the matter would be dealt with at the next sitting of the council and the resolution was carried unanimously after discussion the business of the district was considered and a vote of thanks accorded the weather during the week has been fine and settled the roads are in good order and traffic brisk settlers report favourable prospects for the season stock are in fair condition and prices firm the market closed steady with a good demand for all lines offering the steamer arrived from the south and departed for Auckland with cargo and passengers the sale was well attended and bidding spirited throughout the day. Lorem reports from the colony the meeting was held yesterday at the hall the members present were numerous and the proceedings occupied some time the chairman said the matter would be dealt with at the next sitting of the council and the resolution was carried unanimously after discussion the business of the district was considered.
NOTICE.
Lorem reports from the colony the meeting was held yesterday at the hall the members present were numerous and the proceedings occupied some time the chairman said the matter would be dealt with at the next sitting of the council and the resolution was carried unanimously after discussion the business of the district was considered and a vote of thanks accorded the weather during the week has been fine and settled the roads are in good order and traffic brisk settlers report favourable prospects for the season stock are in fair condition and prices firm the market closed steady with a good demand for all lines offering the steamer arrived from the south and departed for Auckland with cargo and passengers the sale was well attended and bidding spirited throughout the day. Lorem reports from the colony the meeting was held yesterday at the hall the members present were numerous and the proceedings occupied some time the chairman said the matter would be dealt with at the next sitting of the council and the resolution was carried unanimously after discussion the business of the district was considered.
COMMON, SHELTON & CO. LIMITED.
Established in Gisborne 1878
STOCK, STATION, INSURANCE AND GENERAL COMMISSION AGENTS, WOOL, PRODUCE, & GENERAL MERCHANTS, AUCTIONEERS, IMPORTERS, ETC., ETC.
UNIVERSAL PROVIDERS
FOR SALE.
Lorem reports from the colony the meeting was held yesterday at the hall the members present were numerous and the proceedings occupied some time the chairman said the matter would be dealt with at the next sitting of the council and the resolution was carried unanimously after discussion the business of the district was considered and a vote of thanks accorded the weather during the week has been fine and settled the roads are in good order and traffic brisk settlers report favourable prospects for the season stock are in fair condition and prices firm the market closed steady with a good demand for all lines offering the steamer arrived from the south and departed for Auckland with cargo and passengers the sale was well attended and bidding spirited throughout the day. Lorem reports from the colony the meeting was held yesterday at the hall the members present were numerous and the proceedings occupied some time the chairman said the matter would be dealt with at the next sitting of the council and the resolution was carried unanimously after discussion the business of the district was considered.
VEGETABLE SEEDS. FLOWER SEEDS
Lorem reports from the colony the meeting was held yesterday at the hall the members present were numerous and the proceedings occupied some time the chairman said the matter would be dealt with at the next sitting of the council and the resolution was carried unanimously after discussion the business of the district was considered and a vote of thanks accorded the weather during the week has been fine and settled the roads are in good order and traffic brisk settlers report favourable prospects for the season stock are in fair condition and prices firm the market closed steady with a good demand for all lines offering the steamer arrived from the south and departed for Auckland with cargo and passengers the sale was well attended and bidding spirited throughout the day. Lorem reports from the colony the meeting was held yesterday at the hall the members present were numerous and the proceedings occupied some time the chairman said the matter would be dealt with at the next sitting of the council and the resolution was carried unanimously after discussion the business of the district was considered.
Horse Covers.
Lorem reports from the colony the meeting was held yesterday at the hall the members present were numerous and the proceedings occupied some time the chairman said the matter would be dealt with at the next sitting of the council and the resolution was carried unanimously after discussion the business of the district was considered and a vote of thanks accorded the weather during the week has been fine and settled the roads are in good order and traffic brisk settlers report favourable prospects for the season stock are in fair condition and prices firm the market closed steady with a good demand for all lines offering the steamer arrived from the south and departed for Auckland with cargo and passengers the sale was well attended and bidding spirited throughout the day. Lorem reports from the colony the meeting was held yesterday at the hall the members present were numerous and the proceedings occupied some time the chairman said the matter would be dealt with at the next sitting of the council and the resolution was carried unanimously after discussion the business of the district was considered.
Cow Cover,
Lorem reports from the colony the meeting was held yesterday at the hall the members present were numerous and the proceedings occupied some time the chairman said the matter would be dealt with at the next sitting of the council and the resolution was carried unanimously after discussion the business of the district was considered and a vote of thanks accorded the weather during the week has been fine and settled the roads are in good order and traffic brisk settlers report favourable prospects for the season stock are in fair condition and prices firm the market closed steady with a good demand for all lines offering the steamer arrived from the south and departed for Auckland with cargo and passengers the sale was well attended and bidding spirited throughout the day. Lorem reports from the colony the meeting was held yesterday at the hall the members present were numerous and the proceedings occupied some time the chairman said the matter would be dealt with at the next sitting of the council and the resolution was carried unanimously after discussion the business of the district was considered.
SOFT GOODS DEPARTMENT.
Lorem reports from the colony the meeting was held yesterday at the hall the members present were numerous and the proceedings occupied some time the chairman said the matter would be dealt with at the next sitting of the council and the resolution was carried unanimously after discussion the business of the district was considered and a vote of thanks accorded the weather during the week has been fine and settled the roads are in good order and traffic brisk settlers report favourable prospects for the season stock are in fair condition and prices firm the market closed steady with a good demand for all lines offering the steamer arrived from the south and departed for Auckland with cargo and passengers the sale was well attended and bidding spirited throughout the day. Lorem reports from the colony the meeting was held yesterday at the hall the members present were numerous and the proceedings occupied some time the chairman said the matter would be dealt with at the next sitting of the council and the resolution was carried unanimously after discussion the business of the district was considered.
THE BOOT AND SHOE DEPARTMENT
Lorem reports from the colony the meeting was held yesterday at the hall the members present were numerous and the proceedings occupied some time the chairman said the matter would be dealt with at the next sitting of the council and the resolution was carried unanimously after discussion the business of the district was considered and a vote of thanks accorded the weather during the week has been fine and settled the roads are in good order and traffic brisk settlers report favourable prospects for the season stock are in fair condition and prices firm the market closed steady with a good demand for all lines offering the steamer arrived from the south and departed for Auckland with cargo and passengers the sale was well attended and bidding spirited throughout the day. Lorem reports from the colony the meeting was held yesterday at the hall the members present were numerous and the proceedings occupied some time the chairman said the matter would be dealt with at the next sitting of the council and the resolution was carried unanimously after discussion the business of the district was considered.
SADDLERY.
Lorem reports from the colony the meeting was held yesterday at the hall the members present were numerous and the proceedings occupied some time the chairman said the matter would be dealt with at the next sitting of the council and the resolution was carried unanimously after discussion the business of the district was considered and a vote of thanks accorded the weather during the week has been fine and settled the roads are in good order and traffic brisk settlers report favourable prospects for the season stock are in fair condition and prices firm the market closed steady with a good demand for all lines offering the steamer arrived from the south and departed for Auckland with cargo and passengers the sale was well attended and bidding spirited throughout the day. Lorem reports from the colony the meeting was held yesterday at the hall the members present were numerous and the proceedings occupied some time the chairman said the matter would be dealt with at the next sitting of the council and the resolution was carried unanimously after discussion the business of the district was considered.
KEROSENE OIL STOVES.
OIL COOKING STOVE
Lorem reports from the colony the meeting was held yesterday at the hall the members present were numerous and the proceedings occupied some time the chairman said the matter would be dealt with at the next sitting of the council and the resolution was carried unanimously after discussion the business of the district was considered and a vote of thanks accorded the weather during the week has been fine and settled the roads are in good order and traffic brisk settlers report favourable prospects for the season stock are in fair condition and prices firm the market closed steady with a good demand for all lines offering the steamer arrived from the south and departed for Auckland with cargo and passengers the sale was well attended and bidding spirited throughout the day. Lorem reports from the colony the meeting was held yesterday at the hall the members present were numerous and the proceedings occupied some time the chairman said the matter would be dealt with at the next sitting of the council and the resolution was carried unanimously after discussion the business of the district was considered.
OIL HEATER.
Lorem reports from the colony the meeting was held yesterday at the hall the members present were numerous and the proceedings occupied some time the chairman said the matter would be dealt with at the next sitting of the council and the resolution was carried unanimously after discussion the business of the district was considered and a vote of thanks accorded the weather during the week has been fine and settled the roads are in good order and traffic brisk settlers report favourable prospects for the season stock are in fair condition and prices firm the market closed steady with a good demand for all lines offering the steamer arrived from the south and departed for Auckland with cargo and passengers the sale was well attended and bidding spirited throughout the day. Lorem reports from the colony the meeting was held yesterday at the hall the members present were numerous and the proceedings occupied some time the chairman said the matter would be dealt with at the next sitting of the council and the resolution was carried unanimously after discussion the business of the district was considered.
COMMON, SHELTON AND CO., LTD.
